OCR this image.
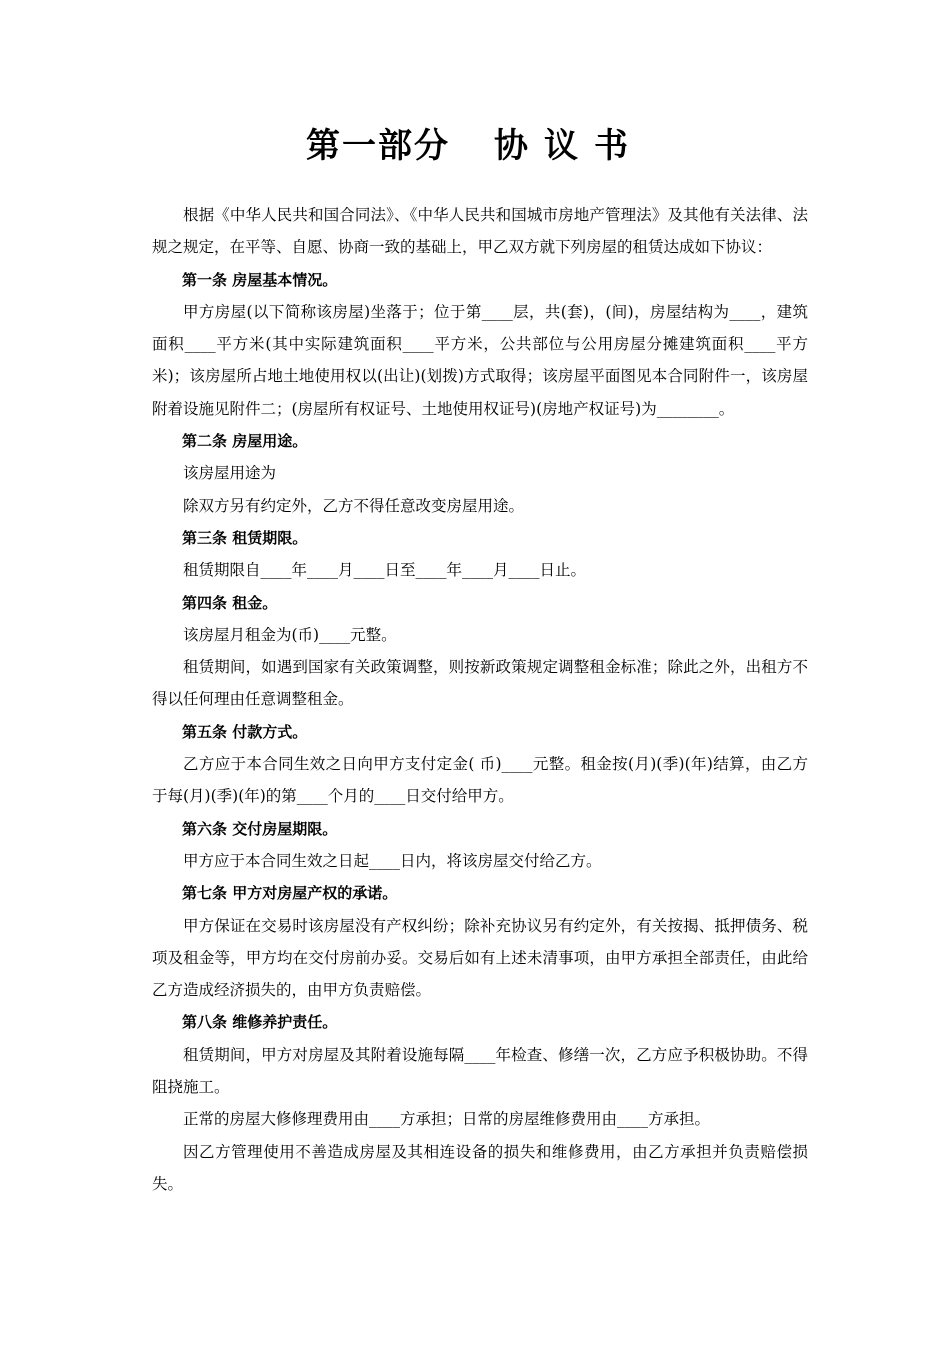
第一部分 协议书

根据《中华人民共和国合同法》、《中华人民共和国城市房地产管理法》及其他有关法律、法规之规定，在平等、自愿、协商一致的基础上，甲乙双方就下列房屋的租赁达成如下协议：

第一条 房屋基本情况。

甲方房屋(以下简称该房屋)坐落于；位于第____层，共(套)，(间)，房屋结构为____，建筑面积____平方米(其中实际建筑面积____平方米，公共部位与公用房屋分摊建筑面积____平方米)；该房屋所占地土地使用权以(出让)(划拨)方式取得；该房屋平面图见本合同附件一，该房屋附着设施见附件二；(房屋所有权证号、土地使用权证号)(房地产权证号)为________。

第二条 房屋用途。

该房屋用途为

除双方另有约定外，乙方不得任意改变房屋用途。

第三条 租赁期限。

租赁期限自____年____月____日至____年____月____日止。

第四条 租金。

该房屋月租金为(币)____元整。

租赁期间，如遇到国家有关政策调整，则按新政策规定调整租金标准；除此之外，出租方不得以任何理由任意调整租金。

第五条 付款方式。

乙方应于本合同生效之日向甲方支付定金( 币)____元整。租金按(月)(季)(年)结算，由乙方于每(月)(季)(年)的第____个月的____日交付给甲方。

第六条 交付房屋期限。

甲方应于本合同生效之日起____日内，将该房屋交付给乙方。

第七条 甲方对房屋产权的承诺。

甲方保证在交易时该房屋没有产权纠纷；除补充协议另有约定外，有关按揭、抵押债务、税项及租金等，甲方均在交付房前办妥。交易后如有上述未清事项，由甲方承担全部责任，由此给乙方造成经济损失的，由甲方负责赔偿。

第八条 维修养护责任。

租赁期间，甲方对房屋及其附着设施每隔____年检查、修缮一次，乙方应予积极协助。不得阻挠施工。

正常的房屋大修修理费用由____方承担；日常的房屋维修费用由____方承担。

因乙方管理使用不善造成房屋及其相连设备的损失和维修费用，由乙方承担并负责赔偿损失。
